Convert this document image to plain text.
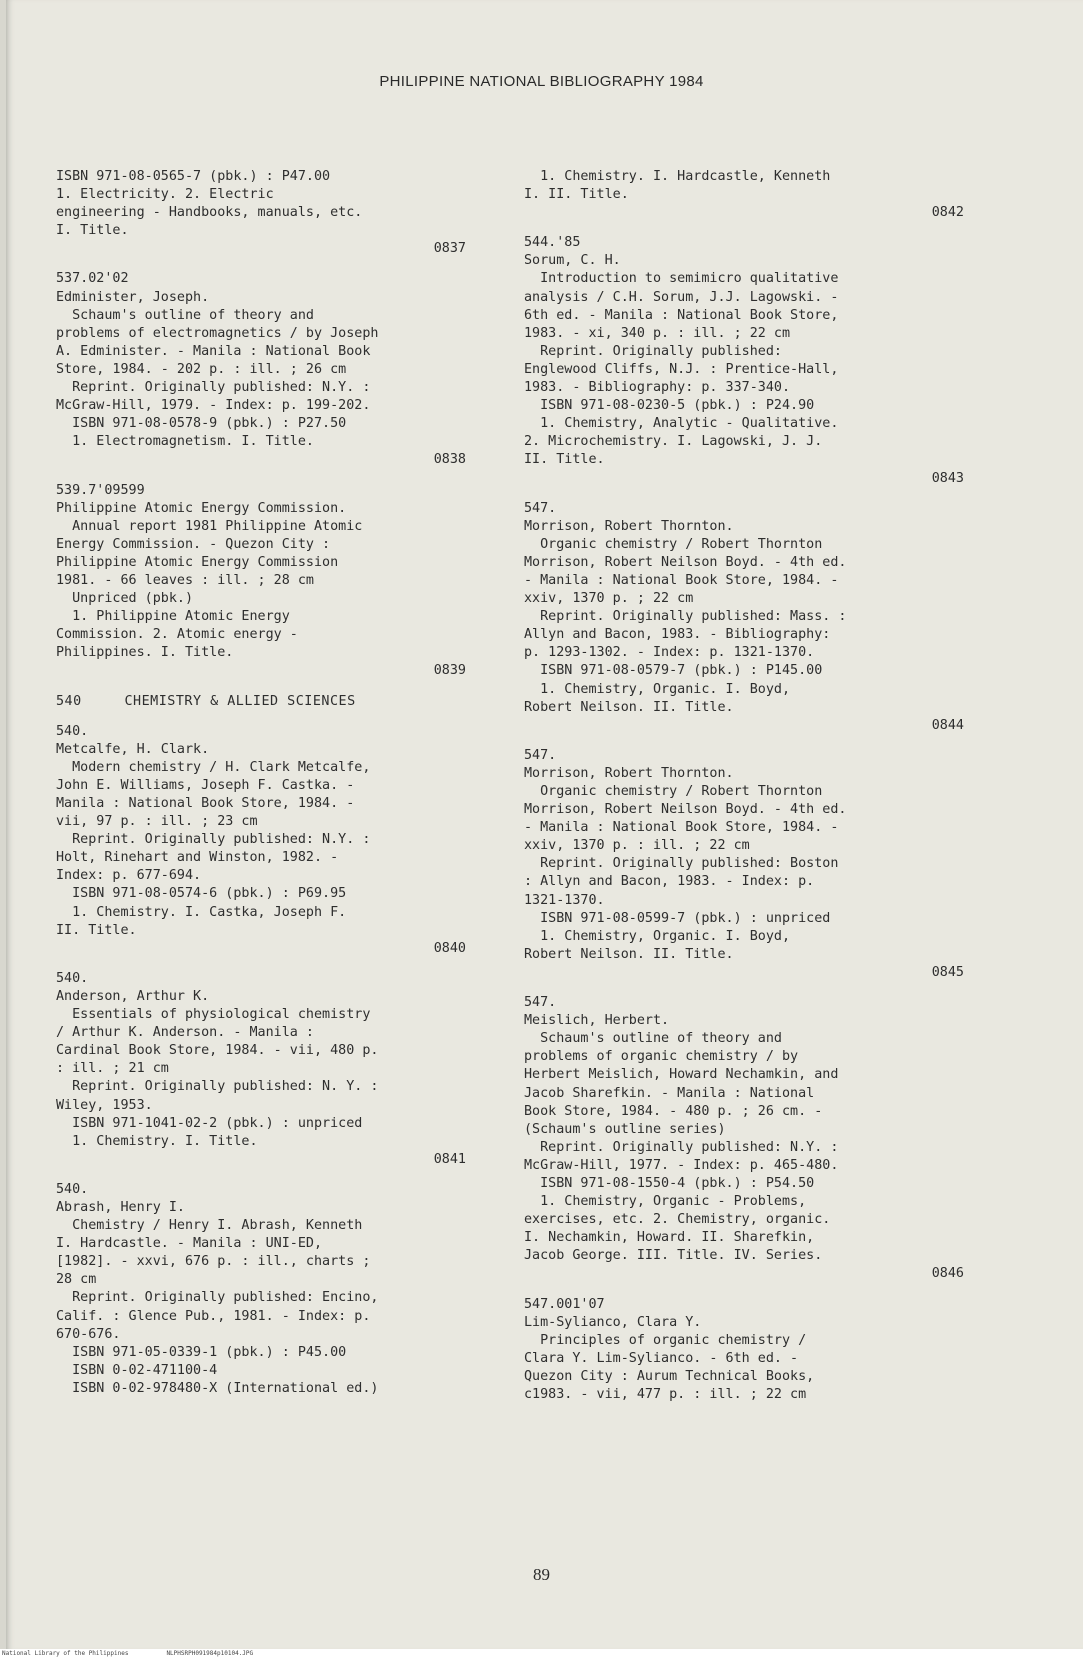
PHILIPPINE NATIONAL BIBLIOGRAPHY 1984
ISBN 971-08-0565-7 (pbk.) : P47.00
1. Electricity. 2. Electric
engineering - Handbooks, manuals, etc.
I. Title.
0837
537.02'02
Edminister, Joseph.
Schaum's outline of theory and
problems of electromagnetics / by Joseph
A. Edminister. - Manila : National Book
Store, 1984. - 202 p. : ill. ; 26 cm
Reprint. Originally published: N.Y. :
McGraw-Hill, 1979. - Index: p. 199-202.
ISBN 971-08-0578-9 (pbk.) : P27.50
1. Electromagnetism. I. Title.
0838
539.7'09599
Philippine Atomic Energy Commission.
Annual report 1981 Philippine Atomic
Energy Commission. - Quezon City :
Philippine Atomic Energy Commission
1981. - 66 leaves : ill. ; 28 cm
Unpriced (pbk.)
1. Philippine Atomic Energy
Commission. 2. Atomic energy -
Philippines. I. Title.
0839
540     CHEMISTRY & ALLIED SCIENCES
540.
Metcalfe, H. Clark.
Modern chemistry / H. Clark Metcalfe,
John E. Williams, Joseph F. Castka. -
Manila : National Book Store, 1984. -
vii, 97 p. : ill. ; 23 cm
Reprint. Originally published: N.Y. :
Holt, Rinehart and Winston, 1982. -
Index: p. 677-694.
ISBN 971-08-0574-6 (pbk.) : P69.95
1. Chemistry. I. Castka, Joseph F.
II. Title.
0840
540.
Anderson, Arthur K.
Essentials of physiological chemistry
/ Arthur K. Anderson. - Manila :
Cardinal Book Store, 1984. - vii, 480 p.
: ill. ; 21 cm
Reprint. Originally published: N. Y. :
Wiley, 1953.
ISBN 971-1041-02-2 (pbk.) : unpriced
1. Chemistry. I. Title.
0841
540.
Abrash, Henry I.
Chemistry / Henry I. Abrash, Kenneth
I. Hardcastle. - Manila : UNI-ED,
[1982]. - xxvi, 676 p. : ill., charts ;
28 cm
Reprint. Originally published: Encino,
Calif. : Glence Pub., 1981. - Index: p.
670-676.
ISBN 971-05-0339-1 (pbk.) : P45.00
ISBN 0-02-471100-4
ISBN 0-02-978480-X (International ed.)
1. Chemistry. I. Hardcastle, Kenneth
I. II. Title.
0842
544.'85
Sorum, C. H.
Introduction to semimicro qualitative
analysis / C.H. Sorum, J.J. Lagowski. -
6th ed. - Manila : National Book Store,
1983. - xi, 340 p. : ill. ; 22 cm
Reprint. Originally published:
Englewood Cliffs, N.J. : Prentice-Hall,
1983. - Bibliography: p. 337-340.
ISBN 971-08-0230-5 (pbk.) : P24.90
1. Chemistry, Analytic - Qualitative.
2. Microchemistry. I. Lagowski, J. J.
II. Title.
0843
547.
Morrison, Robert Thornton.
Organic chemistry / Robert Thornton
Morrison, Robert Neilson Boyd. - 4th ed.
- Manila : National Book Store, 1984. -
xxiv, 1370 p. ; 22 cm
Reprint. Originally published: Mass. :
Allyn and Bacon, 1983. - Bibliography:
p. 1293-1302. - Index: p. 1321-1370.
ISBN 971-08-0579-7 (pbk.) : P145.00
1. Chemistry, Organic. I. Boyd,
Robert Neilson. II. Title.
0844
547.
Morrison, Robert Thornton.
Organic chemistry / Robert Thornton
Morrison, Robert Neilson Boyd. - 4th ed.
- Manila : National Book Store, 1984. -
xxiv, 1370 p. : ill. ; 22 cm
Reprint. Originally published: Boston
: Allyn and Bacon, 1983. - Index: p.
1321-1370.
ISBN 971-08-0599-7 (pbk.) : unpriced
1. Chemistry, Organic. I. Boyd,
Robert Neilson. II. Title.
0845
547.
Meislich, Herbert.
Schaum's outline of theory and
problems of organic chemistry / by
Herbert Meislich, Howard Nechamkin, and
Jacob Sharefkin. - Manila : National
Book Store, 1984. - 480 p. ; 26 cm. -
(Schaum's outline series)
Reprint. Originally published: N.Y. :
McGraw-Hill, 1977. - Index: p. 465-480.
ISBN 971-08-1550-4 (pbk.) : P54.50
1. Chemistry, Organic - Problems,
exercises, etc. 2. Chemistry, organic.
I. Nechamkin, Howard. II. Sharefkin,
Jacob George. III. Title. IV. Series.
0846
547.001'07
Lim-Sylianco, Clara Y.
Principles of organic chemistry /
Clara Y. Lim-Sylianco. - 6th ed. -
Quezon City : Aurum Technical Books,
c1983. - vii, 477 p. : ill. ; 22 cm
89
National Library of the Philippines	NLPHSRPH091984p10104.JPG
